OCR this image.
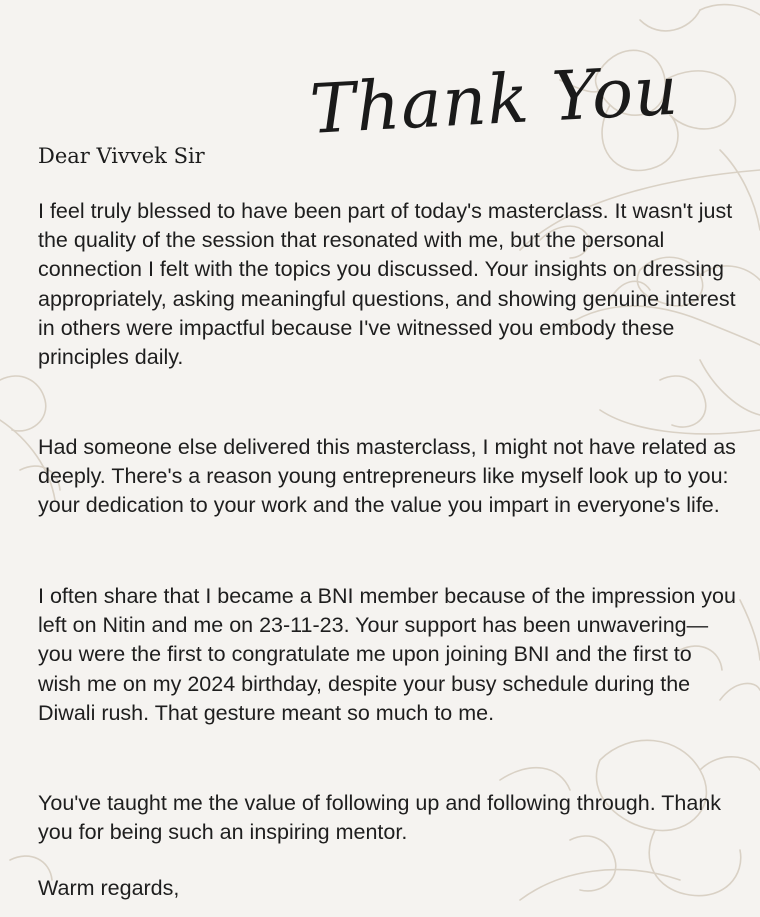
Thank You

Dear Vivvek Sir

I feel truly blessed to have been part of today's masterclass. It wasn't just the quality of the session that resonated with me, but the personal connection I felt with the topics you discussed. Your insights on dressing appropriately, asking meaningful questions, and showing genuine interest in others were impactful because I've witnessed you embody these principles daily.

Had someone else delivered this masterclass, I might not have related as deeply. There's a reason young entrepreneurs like myself look up to you: your dedication to your work and the value you impart in everyone's life.

I often share that I became a BNI member because of the impression you left on Nitin and me on 23-11-23. Your support has been unwavering—you were the first to congratulate me upon joining BNI and the first to wish me on my 2024 birthday, despite your busy schedule during the Diwali rush. That gesture meant so much to me.

You've taught me the value of following up and following through. Thank you for being such an inspiring mentor.

Warm regards,
